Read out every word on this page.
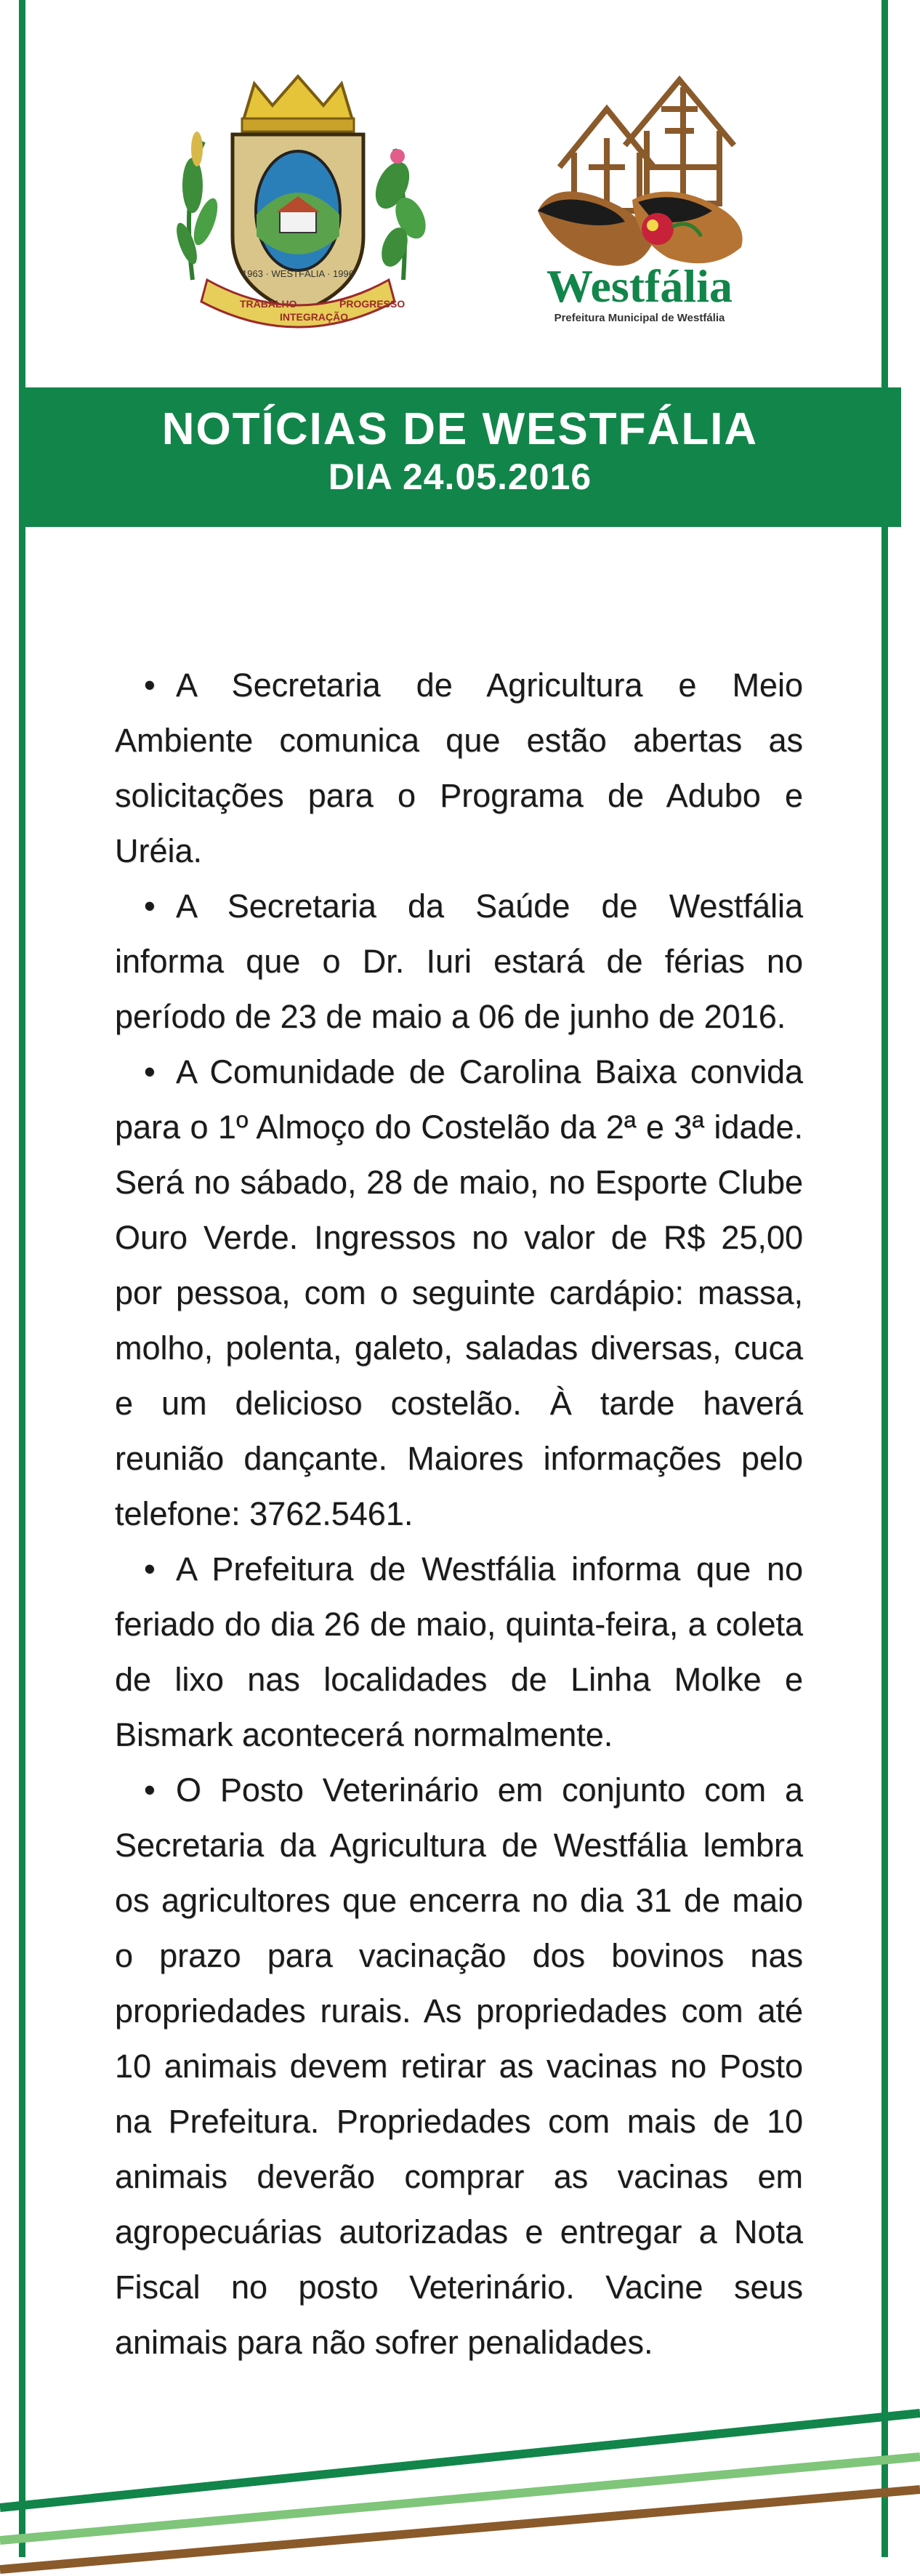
1963 · WESTFÁLIA · 1996
TRABALHO
INTEGRAÇÃO
PROGRESSO	Westfália
Prefeitura Municipal de Westfália
NOTÍCIAS DE WESTFÁLIA
DIA 24.05.2016

• A Secretaria de Agricultura e Meio Ambiente comunica que estão abertas as solicitações para o Programa de Adubo e Uréia.

• A Secretaria da Saúde de Westfália informa que o Dr. Iuri estará de férias no período de 23 de maio a 06 de junho de 2016.

• A Comunidade de Carolina Baixa convida para o 1º Almoço do Costelão da 2ª e 3ª idade. Será no sábado, 28 de maio, no Esporte Clube Ouro Verde. Ingressos no valor de R$ 25,00 por pessoa, com o seguinte cardápio: massa, molho, polenta, galeto, saladas diversas, cuca e um delicioso costelão. À tarde haverá reunião dançante. Maiores informações pelo telefone: 3762.5461.

• A Prefeitura de Westfália informa que no feriado do dia 26 de maio, quinta-feira, a coleta de lixo nas localidades de Linha Molke e Bismark acontecerá normalmente.

• O Posto Veterinário em conjunto com a Secretaria da Agricultura de Westfália lembra os agricultores que encerra no dia 31 de maio o prazo para vacinação dos bovinos nas propriedades rurais. As propriedades com até 10 animais devem retirar as vacinas no Posto na Prefeitura. Propriedades com mais de 10 animais deverão comprar as vacinas em agropecuárias autorizadas e entregar a Nota Fiscal no posto Veterinário. Vacine seus animais para não sofrer penalidades.
